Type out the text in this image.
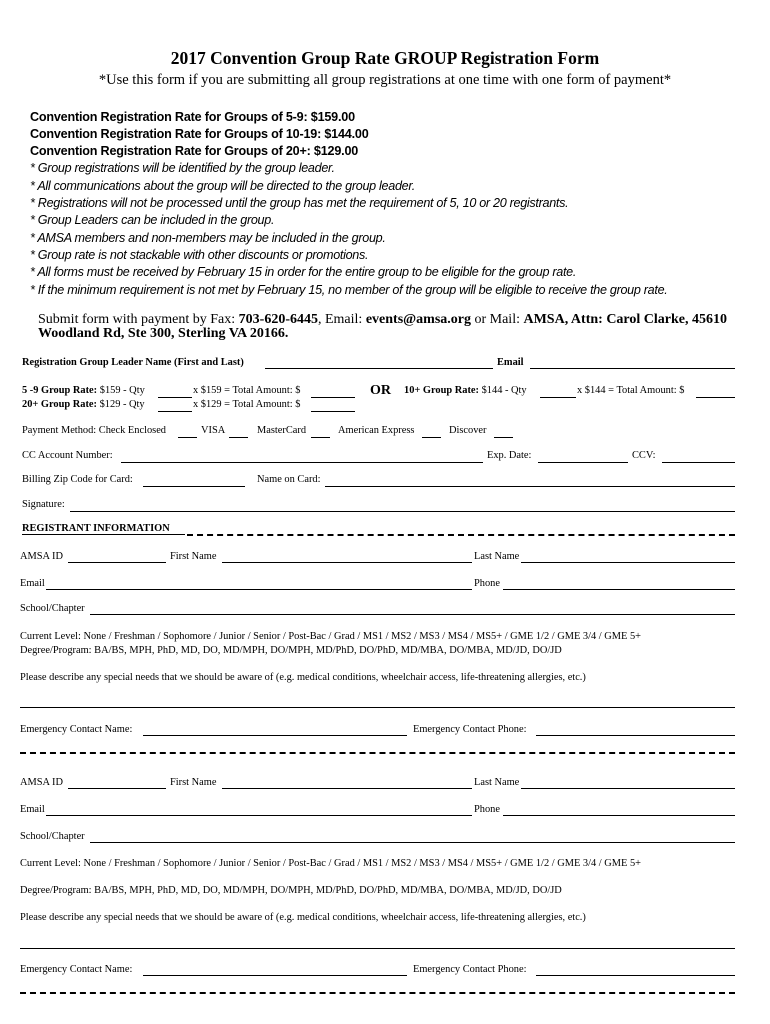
2017 Convention Group Rate GROUP Registration Form
*Use this form if you are submitting all group registrations at one time with one form of payment*
Convention Registration Rate for Groups of 5-9: $159.00
Convention Registration Rate for Groups of 10-19: $144.00
Convention Registration Rate for Groups of 20+: $129.00
* Group registrations will be identified by the group leader.
* All communications about the group will be directed to the group leader.
* Registrations will not be processed until the group has met the requirement of 5, 10 or 20 registrants.
* Group Leaders can be included in the group.
* AMSA members and non-members may be included in the group.
* Group rate is not stackable with other discounts or promotions.
* All forms must be received by February 15 in order for the entire group to be eligible for the group rate.
* If the minimum requirement is not met by February 15, no member of the group will be eligible to receive the group rate.
Submit form with payment by Fax: 703-620-6445, Email: events@amsa.org or Mail: AMSA, Attn: Carol Clarke, 45610
Woodland Rd, Ste 300, Sterling VA 20166.
Registration Group Leader Name (First and Last)	Email
5 -9 Group Rate: $159 - Qty	x $159 = Total Amount: $
20+ Group Rate: $129 - Qty	x $129 = Total Amount: $
OR 10+ Group Rate: $144 - Qty	x $144 = Total Amount: $
Payment Method: Check Enclosed	VISA	MasterCard	American Express	Discover
CC Account Number:	Exp. Date:	CCV:
Billing Zip Code for Card:	Name on Card:
Signature:
REGISTRANT INFORMATION
AMSA ID	First Name	Last Name
Email	Phone
School/Chapter
Current Level: None / Freshman / Sophomore / Junior / Senior / Post-Bac / Grad / MS1 / MS2 / MS3 / MS4 / MS5+ / GME 1/2 / GME 3/4 / GME 5+
Degree/Program: BA/BS, MPH, PhD, MD, DO, MD/MPH, DO/MPH, MD/PhD, DO/PhD, MD/MBA, DO/MBA, MD/JD, DO/JD
Please describe any special needs that we should be aware of (e.g. medical conditions, wheelchair access, life-threatening allergies, etc.)
Emergency Contact Name:	Emergency Contact Phone:
AMSA ID	First Name	Last Name
Email	Phone
School/Chapter
Current Level: None / Freshman / Sophomore / Junior / Senior / Post-Bac / Grad / MS1 / MS2 / MS3 / MS4 / MS5+ / GME 1/2 / GME 3/4 / GME 5+
Degree/Program: BA/BS, MPH, PhD, MD, DO, MD/MPH, DO/MPH, MD/PhD, DO/PhD, MD/MBA, DO/MBA, MD/JD, DO/JD
Please describe any special needs that we should be aware of (e.g. medical conditions, wheelchair access, life-threatening allergies, etc.)
Emergency Contact Name:	Emergency Contact Phone:
